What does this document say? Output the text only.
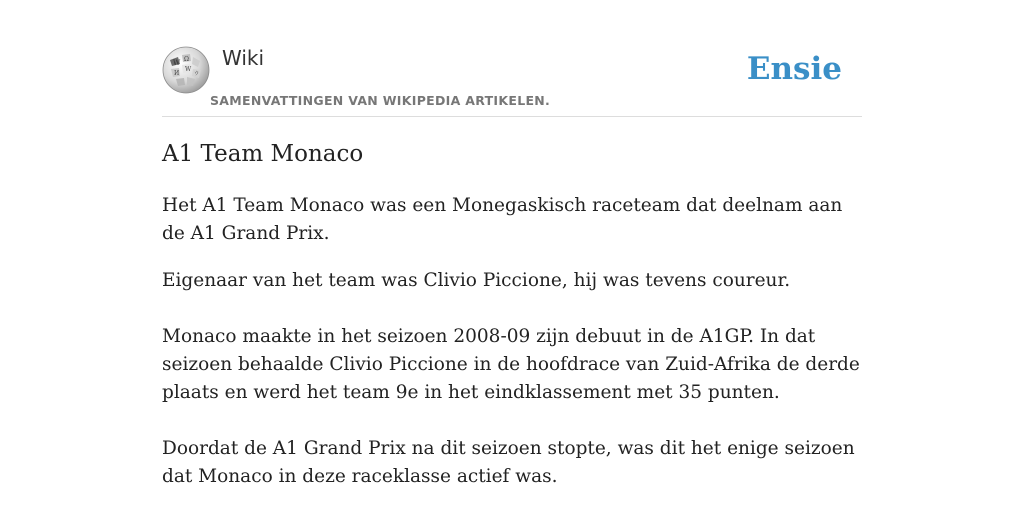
W Ω
И
W
ウ
Wiki
SAMENVATTINGEN VAN WIKIPEDIA ARTIKELEN.
Ensie
A1 Team Monaco

Het A1 Team Monaco was een Monegaskisch raceteam dat deelnam aan de A1 Grand Prix.

Eigenaar van het team was Clivio Piccione, hij was tevens coureur.

Monaco maakte in het seizoen 2008-09 zijn debuut in de A1GP. In dat seizoen behaalde Clivio Piccione in de hoofdrace van Zuid-Afrika de derde plaats en werd het team 9e in het eindklassement met 35 punten.

Doordat de A1 Grand Prix na dit seizoen stopte, was dit het enige seizoen dat Monaco in deze raceklasse actief was.
